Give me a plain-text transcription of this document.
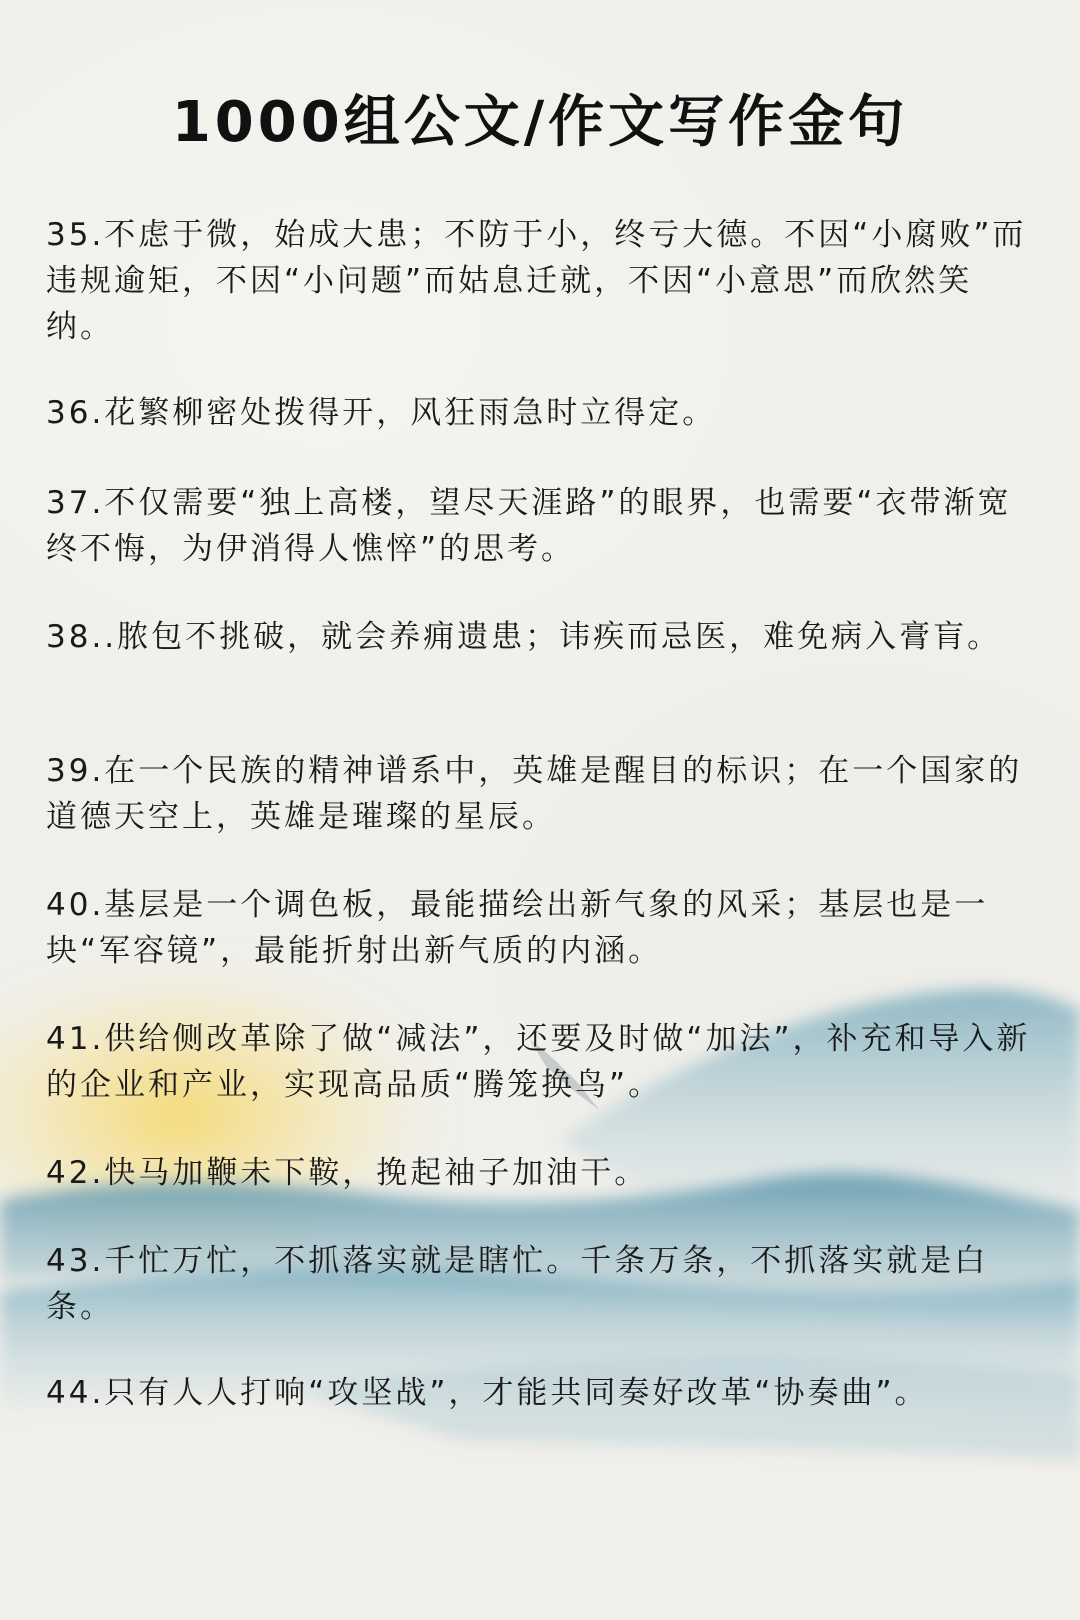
1000组公文/作文写作金句

35.不虑于微，始成大患；不防于小，终亏大德。不因“小腐败”而违规逾矩，不因“小问题”而姑息迁就，不因“小意思”而欣然笑纳。

36.花繁柳密处拨得开，风狂雨急时立得定。

37.不仅需要“独上高楼，望尽天涯路”的眼界，也需要“衣带渐宽终不悔，为伊消得人憔悴”的思考。

38..脓包不挑破，就会养痈遗患；讳疾而忌医，难免病入膏肓。

39.在一个民族的精神谱系中，英雄是醒目的标识；在一个国家的道德天空上，英雄是璀璨的星辰。

40.基层是一个调色板，最能描绘出新气象的风采；基层也是一块“军容镜”，最能折射出新气质的内涵。

41.供给侧改革除了做“减法”，还要及时做“加法”，补充和导入新的企业和产业，实现高品质“腾笼换鸟”。

42.快马加鞭未下鞍，挽起袖子加油干。

43.千忙万忙，不抓落实就是瞎忙。千条万条，不抓落实就是白条。

44.只有人人打响“攻坚战”，才能共同奏好改革“协奏曲”。
